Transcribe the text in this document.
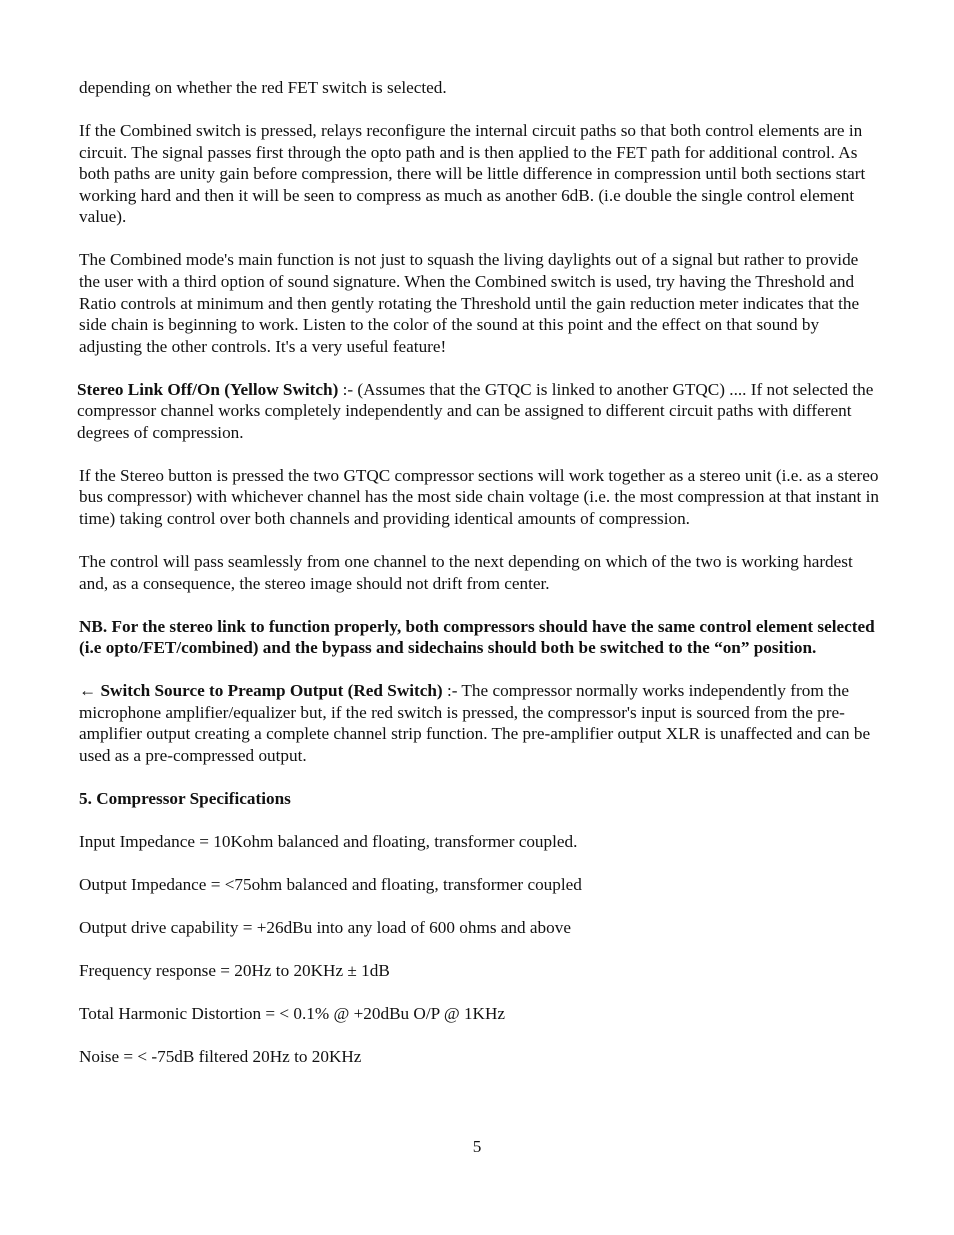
depending on whether the red FET switch is selected.

If the Combined switch is pressed, relays reconfigure the internal circuit paths so that both control elements are in circuit. The signal passes first through the opto path and is then applied to the FET path for additional control. As both paths are unity gain before compression, there will be little difference in compression until both sections start working hard and then it will be seen to compress as much as another 6dB. (i.e double the single control element value).

The Combined mode's main function is not just to squash the living daylights out of a signal but rather to provide the user with a third option of sound signature. When the Combined switch is used, try having the Threshold and Ratio controls at minimum and then gently rotating the Threshold until the gain reduction meter indicates that the side chain is beginning to work. Listen to the color of the sound at this point and the effect on that sound by adjusting the other controls. It's a very useful feature!

Stereo Link Off/On (Yellow Switch) :- (Assumes that the GTQC is linked to another GTQC) .... If not selected the compressor channel works completely independently and can be assigned to different circuit paths with different degrees of compression.

If the Stereo button is pressed the two GTQC compressor sections will work together as a stereo unit (i.e. as a stereo bus compressor) with whichever channel has the most side chain voltage (i.e. the most compression at that instant in time) taking control over both channels and providing identical amounts of compression.

The control will pass seamlessly from one channel to the next depending on which of the two is working hardest and, as a consequence, the stereo image should not drift from center.

NB. For the stereo link to function properly, both compressors should have the same control element selected (i.e opto/FET/combined) and the bypass and sidechains should both be switched to the “on” position.

← Switch Source to Preamp Output (Red Switch) :- The compressor normally works independently from the microphone amplifier/equalizer but, if the red switch is pressed, the compressor's input is sourced from the pre-amplifier output creating a complete channel strip function. The pre-amplifier output XLR is unaffected and can be used as a pre-compressed output.

5. Compressor Specifications

Input Impedance = 10Kohm balanced and floating, transformer coupled.

Output Impedance = <75ohm balanced and floating, transformer coupled

Output drive capability = +26dBu into any load of 600 ohms and above

Frequency response = 20Hz to 20KHz ± 1dB

Total Harmonic Distortion = < 0.1% @ +20dBu O/P @ 1KHz

Noise = < -75dB filtered 20Hz to 20KHz

5
